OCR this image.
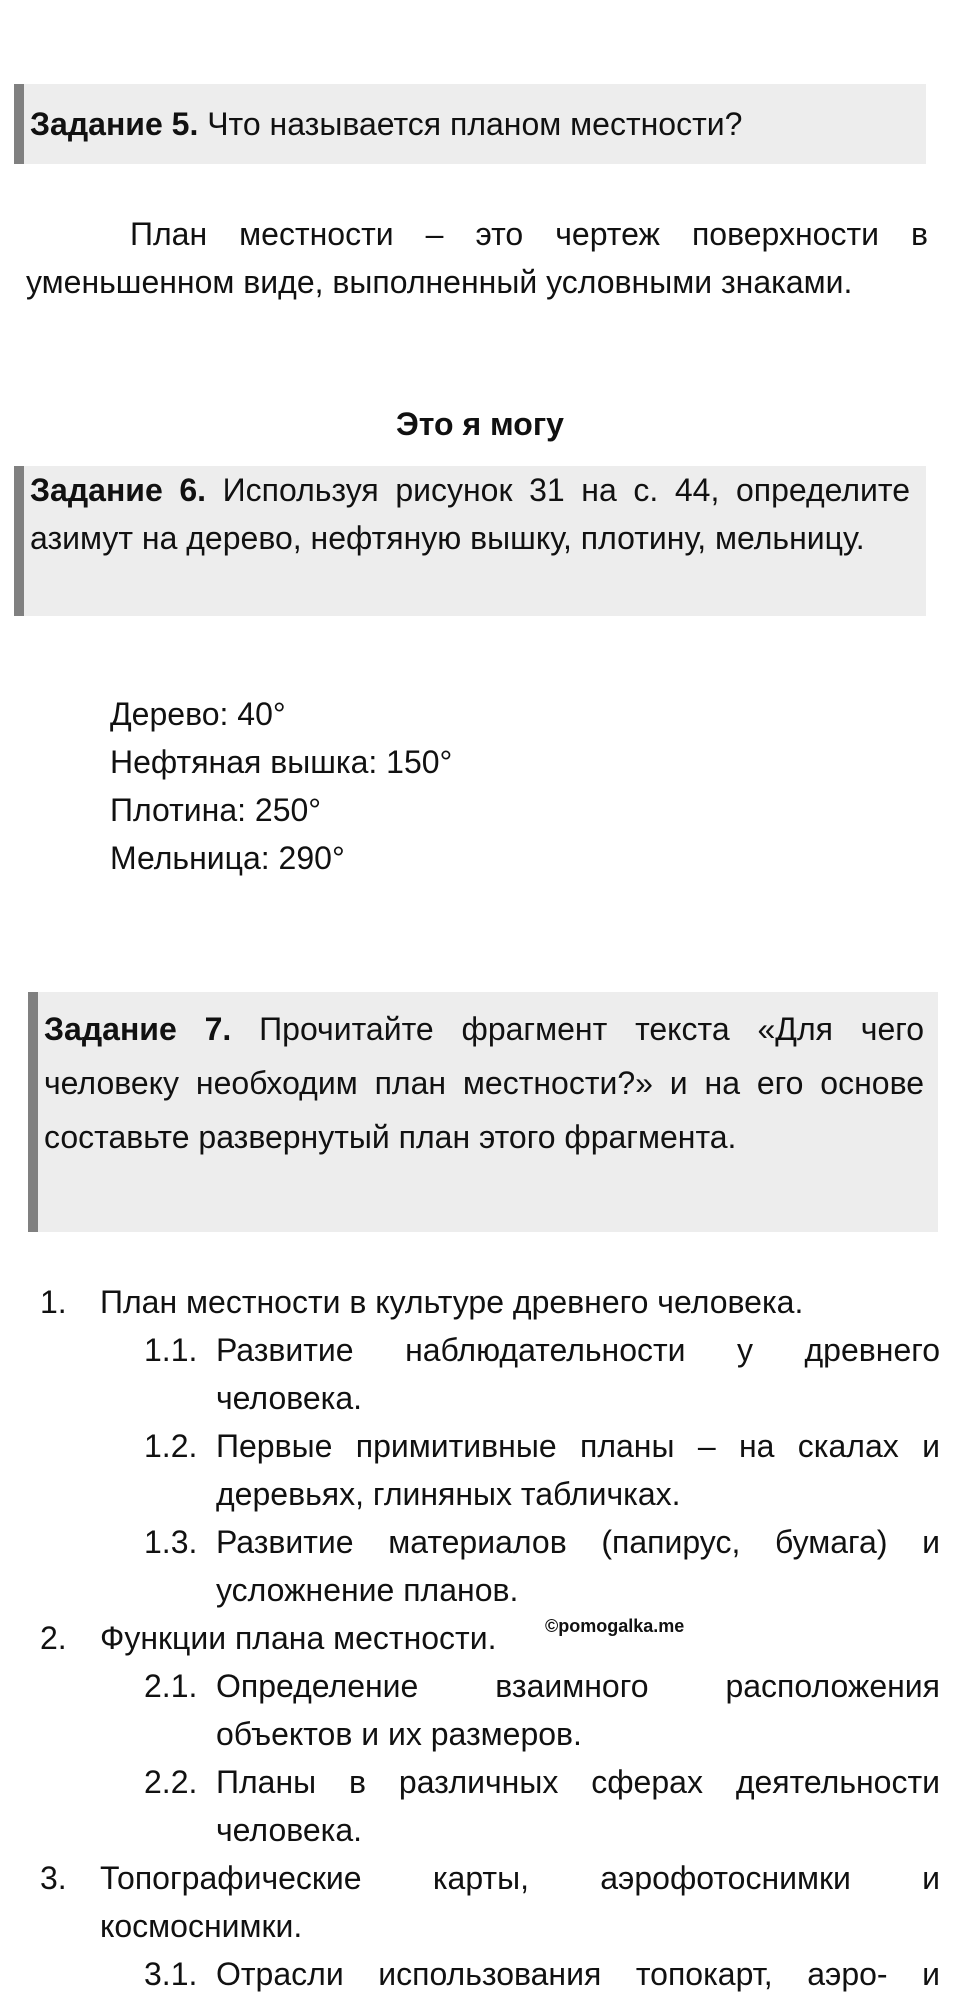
Задание 5. Что называется планом местности?
План местности – это чертеж поверхности в уменьшенном виде, выполненный условными знаками.
Это я могу
Задание 6. Используя рисунок 31 на с. 44, определите азимут на дерево, нефтяную вышку, плотину, мельницу.
Дерево: 40°
Нефтяная вышка: 150°
Плотина: 250°
Мельница: 290°
Задание 7. Прочитайте фрагмент текста «Для чего человеку необходим план местности?» и на его основе составьте развернутый план этого фрагмента.
1. План местности в культуре древнего человека.
1.1. Развитие наблюдательности у древнего человека.
1.2. Первые примитивные планы – на скалах и деревьях, глиняных табличках.
1.3. Развитие материалов (папирус, бумага) и усложнение планов.
2. Функции плана местности.	©pomogalka.me
2.1. Определение взаимного расположения объектов и их размеров.
2.2. Планы в различных сферах деятельности человека.
3. Топографические карты, аэрофотоснимки и космоснимки.
3.1. Отрасли использования топокарт, аэро- и
